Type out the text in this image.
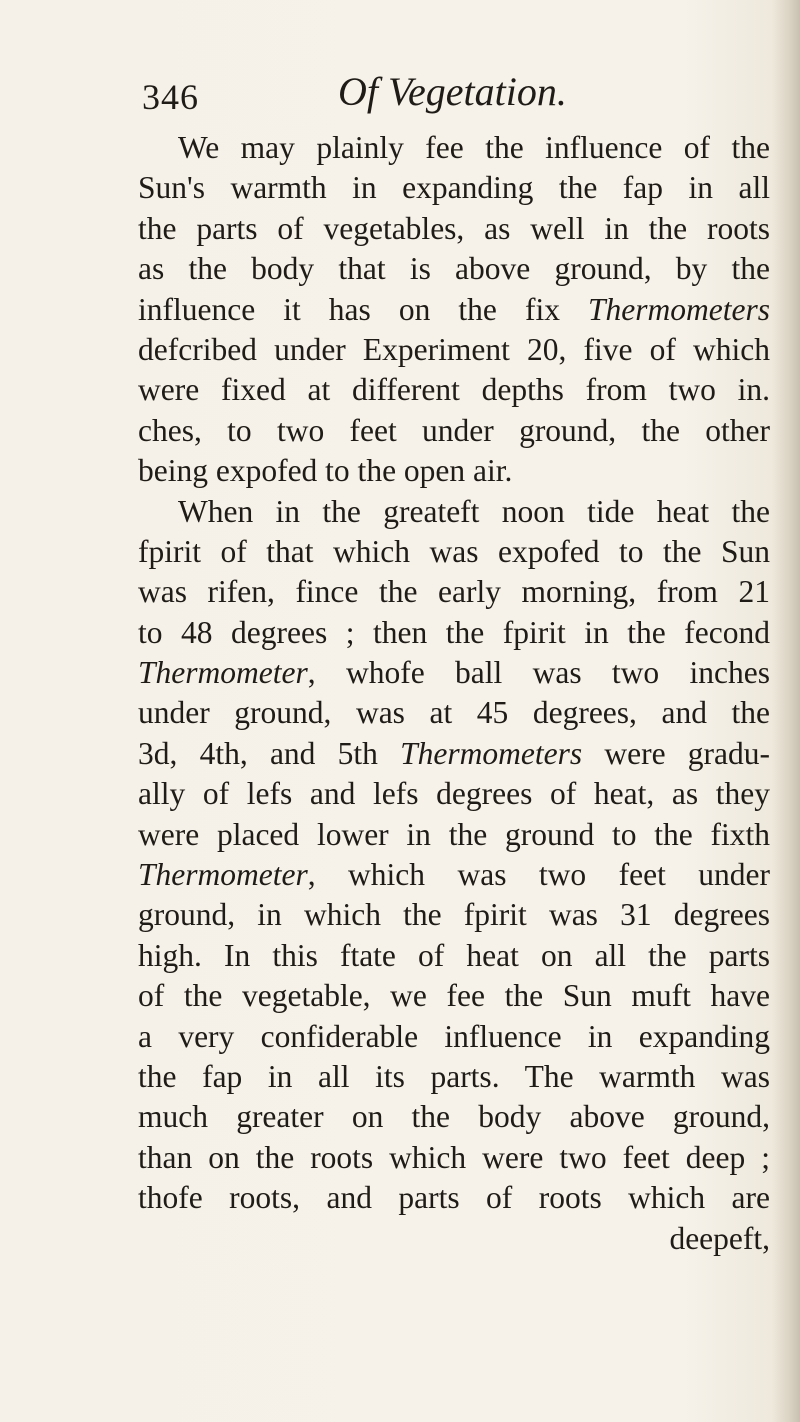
346	Of Vegetation.
We may plainly fee the influence of the
Sun's warmth in expanding the fap in all
the parts of vegetables, as well in the roots
as the body that is above ground, by the
influence it has on the fix Thermometers
defcribed under Experiment 20, five of which
were fixed at different depths from two in.
ches, to two feet under ground, the other
being expofed to the open air.
When in the greateft noon tide heat the
fpirit of that which was expofed to the Sun
was rifen, fince the early morning, from 21
to 48 degrees ; then the fpirit in the fecond
Thermometer, whofe ball was two inches
under ground, was at 45 degrees, and the
3d, 4th, and 5th Thermometers were gradu-
ally of lefs and lefs degrees of heat, as they
were placed lower in the ground to the fixth
Thermometer, which was two feet under
ground, in which the fpirit was 31 degrees
high. In this ftate of heat on all the parts
of the vegetable, we fee the Sun muft have
a very confiderable influence in expanding
the fap in all its parts. The warmth was
much greater on the body above ground,
than on the roots which were two feet deep ;
thofe roots, and parts of roots which are
deepeft,
